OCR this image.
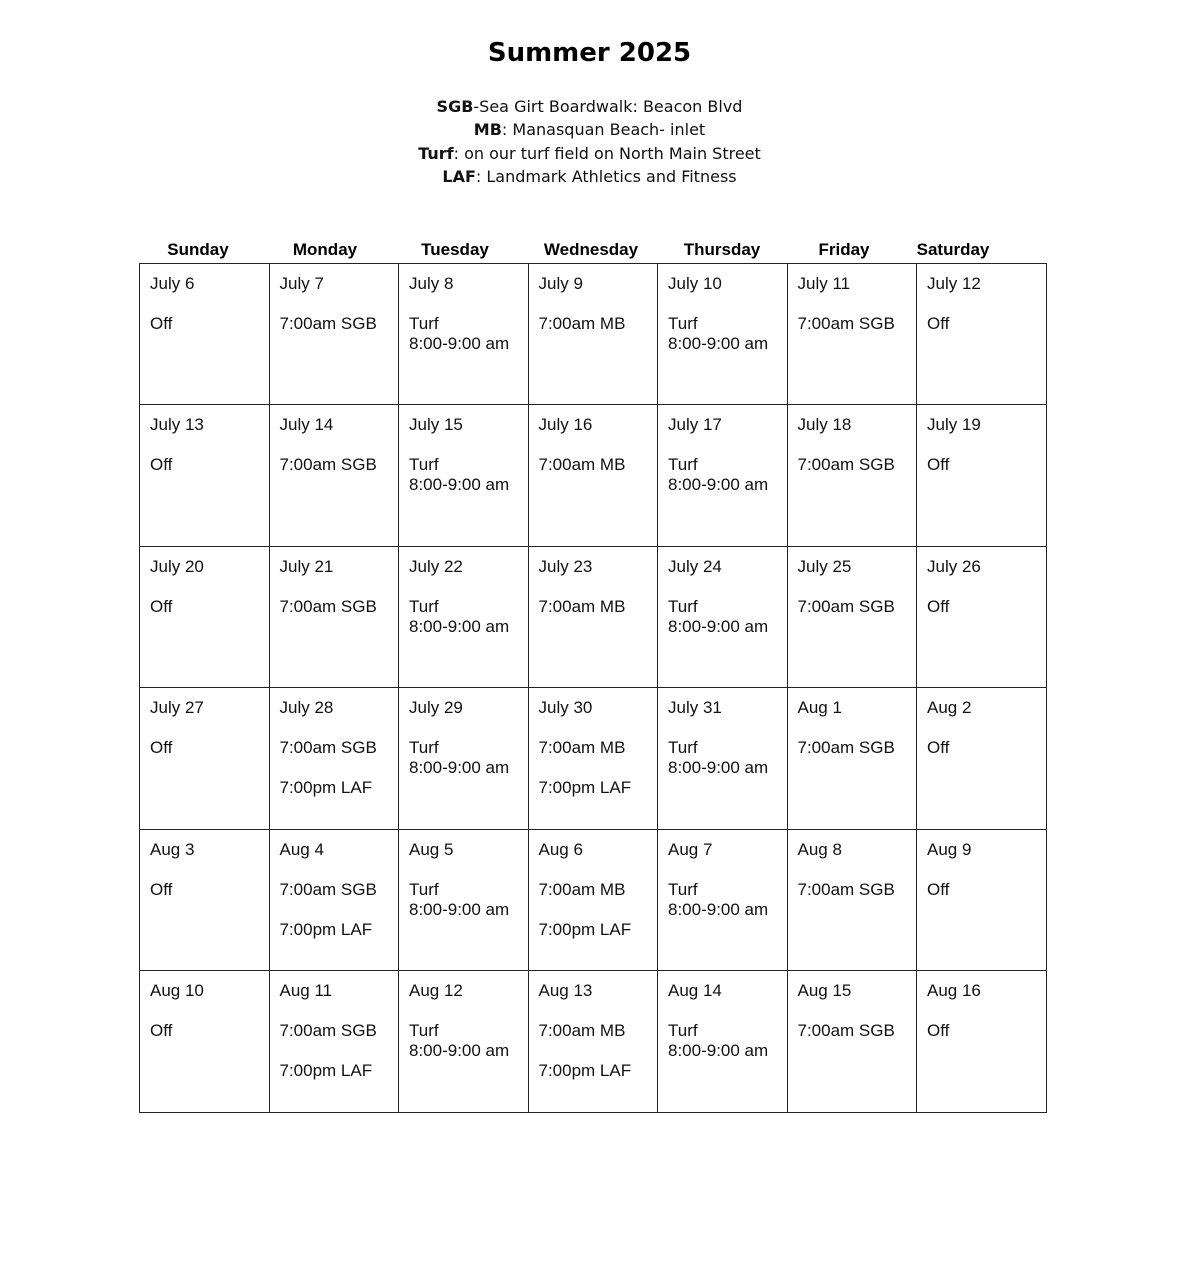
Summer 2025
SGB-Sea Girt Boardwalk: Beacon Blvd
MB: Manasquan Beach- inlet
Turf: on our turf field on North Main Street
LAF: Landmark Athletics and Fitness
Sunday	Monday	Tuesday	Wednesday	Thursday	Friday	Saturday
July 6
Off	July 7
7:00am SGB	July 8
Turf
8:00-9:00 am	July 9
7:00am MB	July 10
Turf
8:00-9:00 am	July 11
7:00am SGB	July 12
Off

July 13
Off	July 14
7:00am SGB	July 15
Turf
8:00-9:00 am	July 16
7:00am MB	July 17
Turf
8:00-9:00 am	July 18
7:00am SGB	July 19
Off

July 20
Off	July 21
7:00am SGB	July 22
Turf
8:00-9:00 am	July 23
7:00am MB	July 24
Turf
8:00-9:00 am	July 25
7:00am SGB	July 26
Off

July 27
Off	July 28
7:00am SGB
7:00pm LAF	July 29
Turf
8:00-9:00 am	July 30
7:00am MB
7:00pm LAF	July 31
Turf
8:00-9:00 am	Aug 1
7:00am SGB	Aug 2
Off

Aug 3
Off	Aug 4
7:00am SGB
7:00pm LAF	Aug 5
Turf
8:00-9:00 am	Aug 6
7:00am MB
7:00pm LAF	Aug 7
Turf
8:00-9:00 am	Aug 8
7:00am SGB	Aug 9
Off

Aug 10
Off	Aug 11
7:00am SGB
7:00pm LAF	Aug 12
Turf
8:00-9:00 am	Aug 13
7:00am MB
7:00pm LAF	Aug 14
Turf
8:00-9:00 am	Aug 15
7:00am SGB	Aug 16
Off
